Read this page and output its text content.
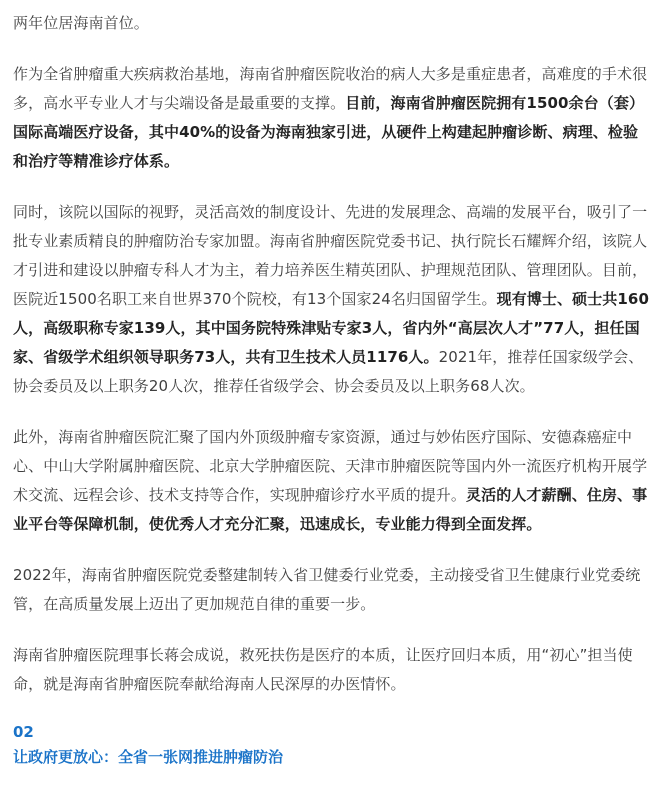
两年位居海南首位。

作为全省肿瘤重大疾病救治基地，海南省肿瘤医院收治的病人大多是重症患者，高难度的手术很多，高水平专业人才与尖端设备是最重要的支撑。目前，海南省肿瘤医院拥有1500余台（套）国际高端医疗设备，其中40%的设备为海南独家引进，从硬件上构建起肿瘤诊断、病理、检验和治疗等精准诊疗体系。

同时，该院以国际的视野，灵活高效的制度设计、先进的发展理念、高端的发展平台，吸引了一批专业素质精良的肿瘤防治专家加盟。海南省肿瘤医院党委书记、执行院长石耀辉介绍，该院人才引进和建设以肿瘤专科人才为主，着力培养医生精英团队、护理规范团队、管理团队。目前，医院近1500名职工来自世界370个院校，有13个国家24名归国留学生。现有博士、硕士共160人，高级职称专家139人，其中国务院特殊津贴专家3人，省内外“高层次人才”77人，担任国家、省级学术组织领导职务73人，共有卫生技术人员1176人。2021年，推荐任国家级学会、协会委员及以上职务20人次，推荐任省级学会、协会委员及以上职务68人次。

此外，海南省肿瘤医院汇聚了国内外顶级肿瘤专家资源，通过与妙佑医疗国际、安德森癌症中心、中山大学附属肿瘤医院、北京大学肿瘤医院、天津市肿瘤医院等国内外一流医疗机构开展学术交流、远程会诊、技术支持等合作，实现肿瘤诊疗水平质的提升。灵活的人才薪酬、住房、事业平台等保障机制，使优秀人才充分汇聚，迅速成长，专业能力得到全面发挥。

2022年，海南省肿瘤医院党委整建制转入省卫健委行业党委，主动接受省卫生健康行业党委统管，在高质量发展上迈出了更加规范自律的重要一步。

海南省肿瘤医院理事长蒋会成说，救死扶伤是医疗的本质，让医疗回归本质，用“初心”担当使命，就是海南省肿瘤医院奉献给海南人民深厚的办医情怀。

02

让政府更放心：全省一张网推进肿瘤防治
